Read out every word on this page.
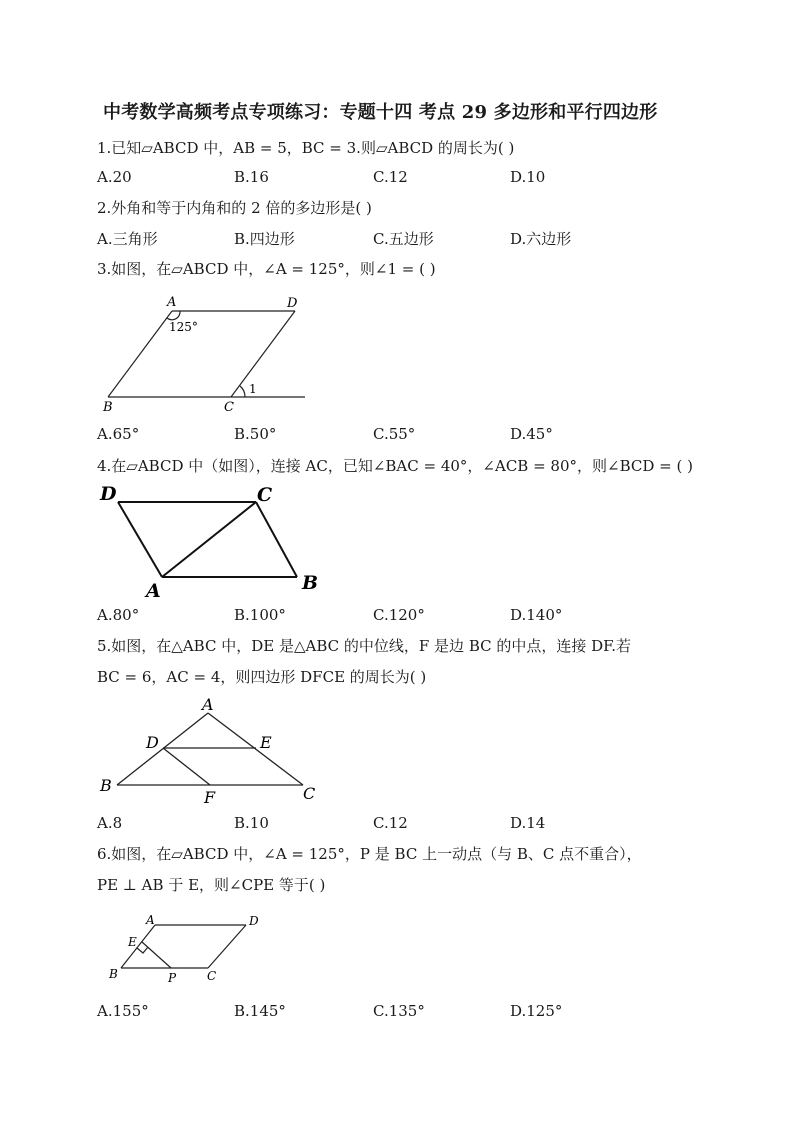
中考数学高频考点专项练习：专题十四 考点 29 多边形和平行四边形
1.已知▱ABCD 中，AB = 5，BC = 3.则▱ABCD 的周长为( )
A.20	B.16	C.12	D.10
2.外角和等于内角和的 2 倍的多边形是( )
A.三角形	B.四边形	C.五边形	D.六边形
3.如图，在▱ABCD 中，∠A = 125°，则∠1 = ( )
A	D
B	C
125°
1
A.65°	B.50°	C.55°	D.45°
4.在▱ABCD 中（如图），连接 AC，已知∠BAC = 40°，∠ACB = 80°，则∠BCD = ( )
D	C
A	B
A.80°	B.100°	C.120°	D.140°
5.如图，在△ABC 中，DE 是△ABC 的中位线，F 是边 BC 的中点，连接 DF.若
BC = 6，AC = 4，则四边形 DFCE 的周长为( )
A
D	E
B
F	C
A.8	B.10	C.12	D.14
6.如图，在▱ABCD 中，∠A = 125°，P 是 BC 上一动点（与 B、C 点不重合），
PE ⊥ AB 于 E，则∠CPE 等于( )
A	D
E
B	P	C
A.155°	B.145°	C.135°	D.125°
